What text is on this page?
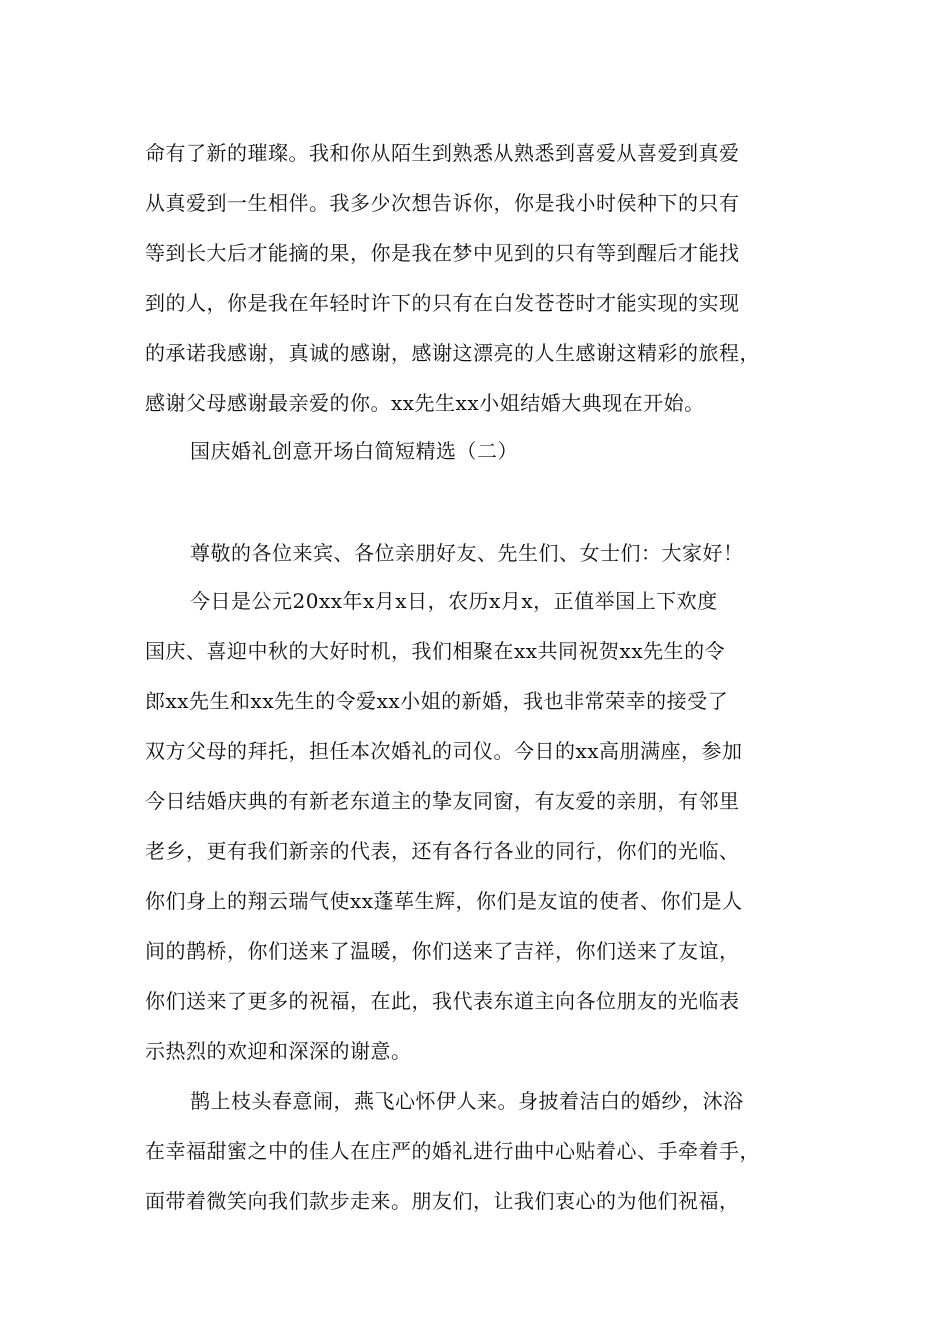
命有了新的璀璨。我和你从陌生到熟悉从熟悉到喜爱从喜爱到真爱
从真爱到一生相伴。我多少次想告诉你，你是我小时侯种下的只有
等到长大后才能摘的果，你是我在梦中见到的只有等到醒后才能找
到的人，你是我在年轻时许下的只有在白发苍苍时才能实现的实现
的承诺我感谢，真诚的感谢，感谢这漂亮的人生感谢这精彩的旅程，
感谢父母感谢最亲爱的你。xx先生xx小姐结婚大典现在开始。
国庆婚礼创意开场白简短精选（二）
尊敬的各位来宾、各位亲朋好友、先生们、女士们：大家好！
今日是公元20xx年x月x日，农历x月x，正值举国上下欢度
国庆、喜迎中秋的大好时机，我们相聚在xx共同祝贺xx先生的令
郎xx先生和xx先生的令爱xx小姐的新婚，我也非常荣幸的接受了
双方父母的拜托，担任本次婚礼的司仪。今日的xx高朋满座，参加
今日结婚庆典的有新老东道主的挚友同窗，有友爱的亲朋，有邻里
老乡，更有我们新亲的代表，还有各行各业的同行，你们的光临、
你们身上的翔云瑞气使xx蓬荜生辉，你们是友谊的使者、你们是人
间的鹊桥，你们送来了温暖，你们送来了吉祥，你们送来了友谊，
你们送来了更多的祝福，在此，我代表东道主向各位朋友的光临表
示热烈的欢迎和深深的谢意。
鹊上枝头春意闹，燕飞心怀伊人来。身披着洁白的婚纱，沐浴
在幸福甜蜜之中的佳人在庄严的婚礼进行曲中心贴着心、手牵着手，
面带着微笑向我们款步走来。朋友们，让我们衷心的为他们祝福，
